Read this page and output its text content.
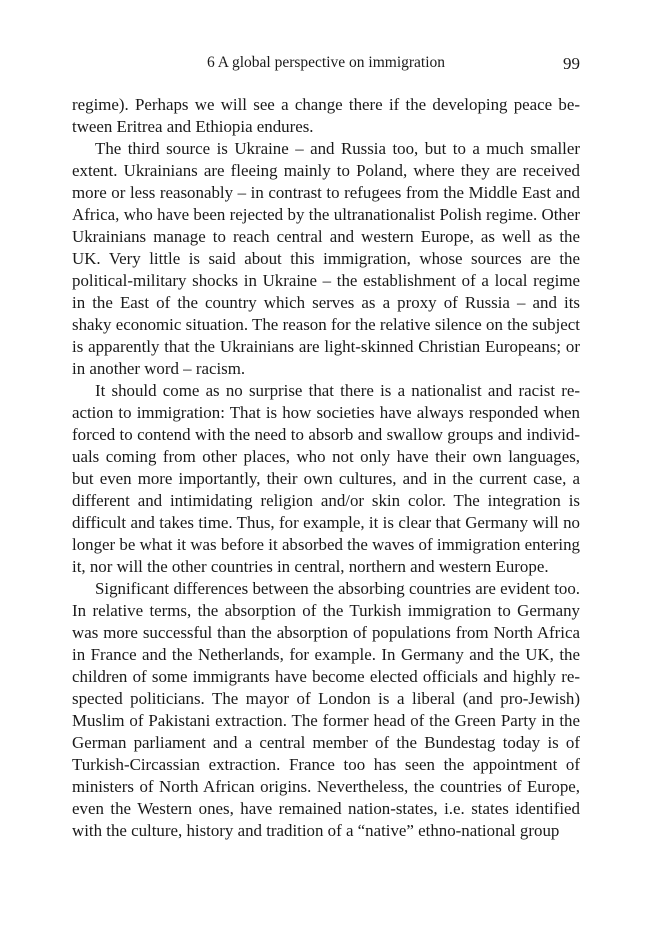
6 A global perspective on immigration	99

regime). Perhaps we will see a change there if the developing peace between Eritrea and Ethiopia endures.

The third source is Ukraine – and Russia too, but to a much smaller extent. Ukrainians are fleeing mainly to Poland, where they are received more or less reasonably – in contrast to refugees from the Middle East and Africa, who have been rejected by the ultranationalist Polish regime. Other Ukrainians manage to reach central and western Europe, as well as the UK. Very little is said about this immigration, whose sources are the political-military shocks in Ukraine – the establishment of a local regime in the East of the country which serves as a proxy of Russia – and its shaky economic situation. The reason for the relative silence on the subject is apparently that the Ukrainians are light-skinned Christian Europeans; or in another word – racism.

It should come as no surprise that there is a nationalist and racist reaction to immigration: That is how societies have always responded when forced to contend with the need to absorb and swallow groups and individuals coming from other places, who not only have their own languages, but even more importantly, their own cultures, and in the current case, a different and intimidating religion and/or skin color. The integration is difficult and takes time. Thus, for example, it is clear that Germany will no longer be what it was before it absorbed the waves of immigration entering it, nor will the other countries in central, northern and western Europe.

Significant differences between the absorbing countries are evident too. In relative terms, the absorption of the Turkish immigration to Germany was more successful than the absorption of populations from North Africa in France and the Netherlands, for example. In Germany and the UK, the children of some immigrants have become elected officials and highly respected politicians. The mayor of London is a liberal (and pro-Jewish) Muslim of Pakistani extraction. The former head of the Green Party in the German parliament and a central member of the Bundestag today is of Turkish-Circassian extraction. France too has seen the appointment of ministers of North African origins. Nevertheless, the countries of Europe, even the Western ones, have remained nation-states, i.e. states identified with the culture, history and tradition of a “native” ethno-national group
